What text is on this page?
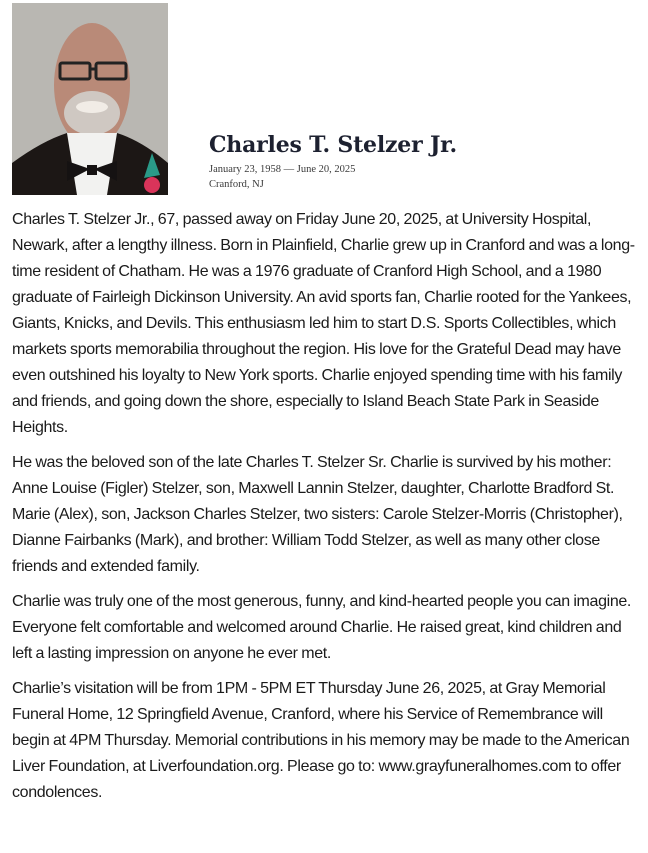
Charles T. Stelzer Jr.

January 23, 1958 — June 20, 2025

Cranford, NJ

Charles T. Stelzer Jr., 67, passed away on Friday June 20, 2025, at University Hospital, Newark, after a lengthy illness. Born in Plainfield, Charlie grew up in Cranford and was a long-time resident of Chatham. He was a 1976 graduate of Cranford High School, and a 1980 graduate of Fairleigh Dickinson University. An avid sports fan, Charlie rooted for the Yankees, Giants, Knicks, and Devils. This enthusiasm led him to start D.S. Sports Collectibles, which markets sports memorabilia throughout the region. His love for the Grateful Dead may have even outshined his loyalty to New York sports. Charlie enjoyed spending time with his family and friends, and going down the shore, especially to Island Beach State Park in Seaside Heights.

He was the beloved son of the late Charles T. Stelzer Sr. Charlie is survived by his mother: Anne Louise (Figler) Stelzer, son, Maxwell Lannin Stelzer, daughter, Charlotte Bradford St. Marie (Alex), son, Jackson Charles Stelzer, two sisters: Carole Stelzer-Morris (Christopher), Dianne Fairbanks (Mark), and brother: William Todd Stelzer, as well as many other close friends and extended family.

Charlie was truly one of the most generous, funny, and kind-hearted people you can imagine. Everyone felt comfortable and welcomed around Charlie. He raised great, kind children and left a lasting impression on anyone he ever met.

Charlie’s visitation will be from 1PM - 5PM ET Thursday June 26, 2025, at Gray Memorial Funeral Home, 12 Springfield Avenue, Cranford, where his Service of Remembrance will begin at 4PM Thursday. Memorial contributions in his memory may be made to the American Liver Foundation, at Liverfoundation.org. Please go to: www.grayfuneralhomes.com to offer condolences.
